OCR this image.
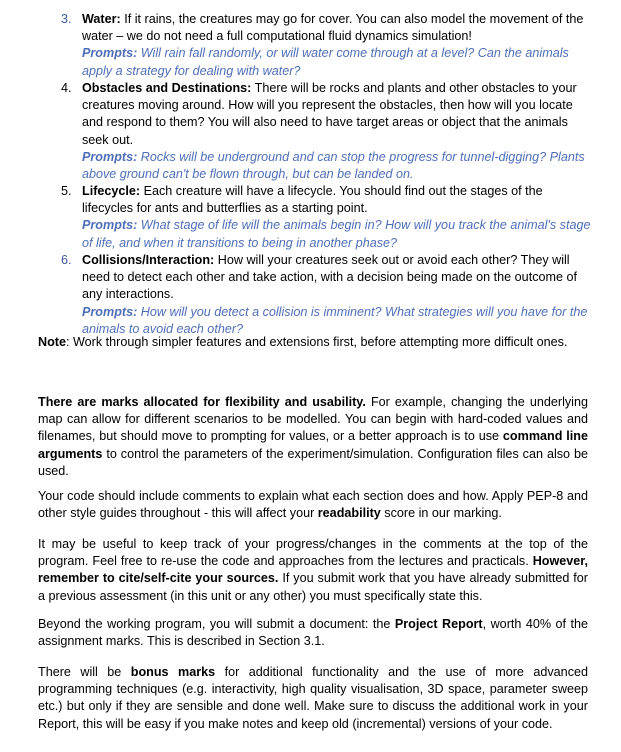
3. Water: If it rains, the creatures may go for cover. You can also model the movement of the water – we do not need a full computational fluid dynamics simulation!
Prompts: Will rain fall randomly, or will water come through at a level? Can the animals apply a strategy for dealing with water?
4. Obstacles and Destinations: There will be rocks and plants and other obstacles to your creatures moving around. How will you represent the obstacles, then how will you locate and respond to them? You will also need to have target areas or object that the animals seek out.
Prompts: Rocks will be underground and can stop the progress for tunnel-digging? Plants above ground can't be flown through, but can be landed on.
5. Lifecycle: Each creature will have a lifecycle. You should find out the stages of the lifecycles for ants and butterflies as a starting point.
Prompts: What stage of life will the animals begin in? How will you track the animal's stage of life, and when it transitions to being in another phase?
6. Collisions/Interaction: How will your creatures seek out or avoid each other? They will need to detect each other and take action, with a decision being made on the outcome of any interactions.
Prompts: How will you detect a collision is imminent? What strategies will you have for the animals to avoid each other?

Note: Work through simpler features and extensions first, before attempting more difficult ones.

There are marks allocated for flexibility and usability. For example, changing the underlying map can allow for different scenarios to be modelled. You can begin with hard-coded values and filenames, but should move to prompting for values, or a better approach is to use command line arguments to control the parameters of the experiment/simulation. Configuration files can also be used.

Your code should include comments to explain what each section does and how. Apply PEP-8 and other style guides throughout - this will affect your readability score in our marking.

It may be useful to keep track of your progress/changes in the comments at the top of the program. Feel free to re-use the code and approaches from the lectures and practicals. However, remember to cite/self-cite your sources. If you submit work that you have already submitted for a previous assessment (in this unit or any other) you must specifically state this.

Beyond the working program, you will submit a document: the Project Report, worth 40% of the assignment marks. This is described in Section 3.1.

There will be bonus marks for additional functionality and the use of more advanced programming techniques (e.g. interactivity, high quality visualisation, 3D space, parameter sweep etc.) but only if they are sensible and done well. Make sure to discuss the additional work in your Report, this will be easy if you make notes and keep old (incremental) versions of your code.
